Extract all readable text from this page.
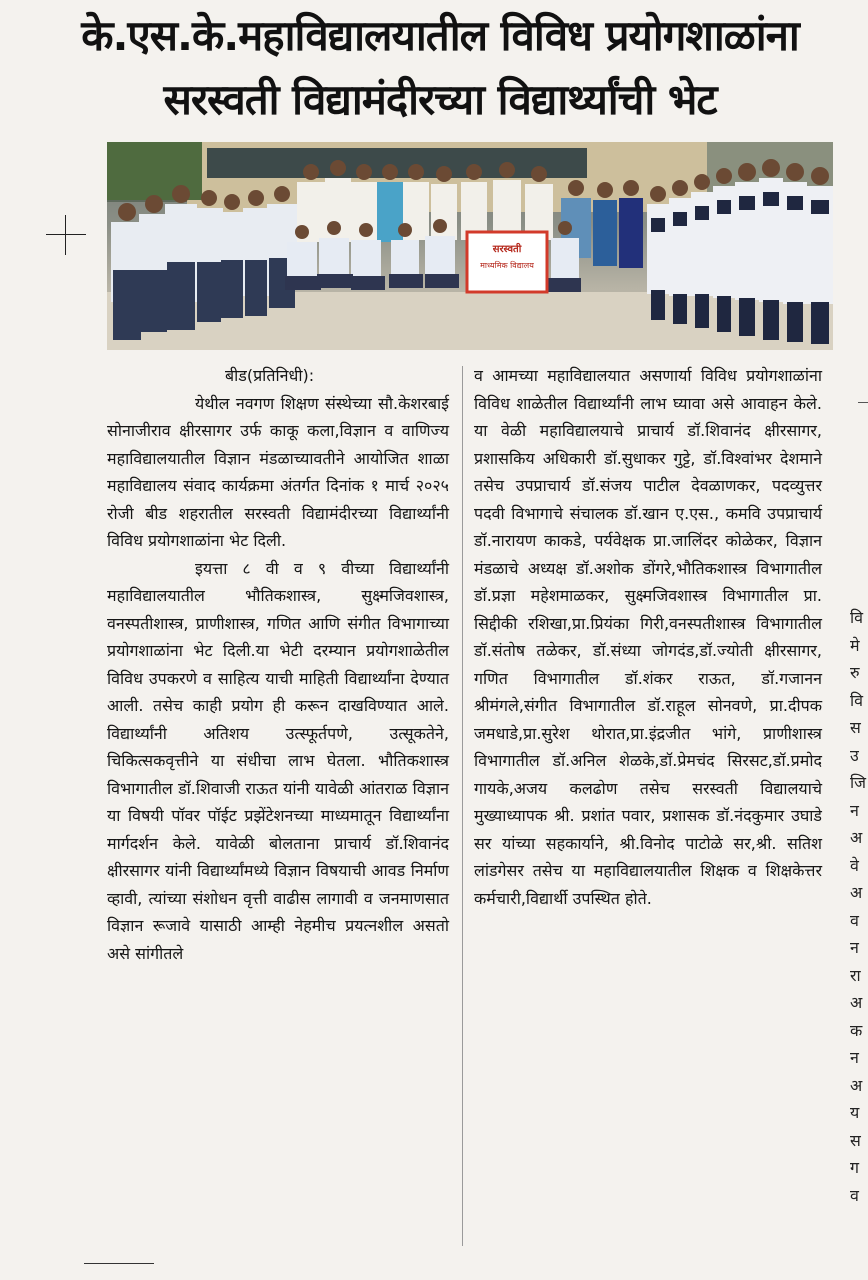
के.एस.के.महाविद्यालयातील विविध प्रयोगशाळांना
सरस्वती विद्यामंदीरच्या विद्यार्थ्यांची भेट
सरस्वती
माध्यमिक विद्यालय

बीड(प्रतिनिधी):

येथील नवगण शिक्षण संस्थेच्या सौ.केशरबाई सोनाजीराव क्षीरसागर उर्फ काकू कला,विज्ञान व वाणिज्य महाविद्यालयातील विज्ञान मंडळाच्यावतीने आयोजित शाळा महाविद्यालय संवाद कार्यक्रमा अंतर्गत दिनांक १ मार्च २०२५ रोजी बीड शहरातील सरस्वती विद्यामंदीरच्या विद्यार्थ्यांनी विविध प्रयोगशाळांना भेट दिली.

इयत्ता ८ वी व ९ वीच्या विद्यार्थ्यांनी महाविद्यालयातील भौतिकशास्त्र, सुक्ष्मजिवशास्त्र, वनस्पतीशास्त्र, प्राणीशास्त्र, गणित आणि संगीत विभागाच्या प्रयोगशाळांना भेट दिली.या भेटी दरम्यान प्रयोगशाळेतील विविध उपकरणे व साहित्य याची माहिती विद्यार्थ्यांना देण्यात आली. तसेच काही प्रयोग ही करून दाखविण्यात आले. विद्यार्थ्यांनी अतिशय उत्स्फूर्तपणे, उत्सूकतेने, चिकित्सकवृत्तीने या संधीचा लाभ घेतला. भौतिकशास्त्र विभागातील डॉ.शिवाजी राऊत यांनी यावेळी आंतराळ विज्ञान या विषयी पॉवर पॉईट प्रझेंटेशनच्या माध्यमातून विद्यार्थ्यांना मार्गदर्शन केले. यावेळी बोलताना प्राचार्य डॉ.शिवानंद क्षीरसागर यांनी विद्यार्थ्यांमध्ये विज्ञान विषयाची आवड निर्माण व्हावी, त्यांच्या संशोधन वृत्ती वाढीस लागावी व जनमाणसात विज्ञान रूजावे यासाठी आम्ही नेहमीच प्रयत्नशील असतो असे सांगीतले

व आमच्या महाविद्यालयात असणार्या विविध प्रयोगशाळांना विविध शाळेतील विद्यार्थ्यांनी लाभ घ्यावा असे आवाहन केले. या वेळी महाविद्यालयाचे प्राचार्य डॉ.शिवानंद क्षीरसागर, प्रशासकिय अधिकारी डॉ.सुधाकर गुट्टे, डॉ.विश्वांभर देशमाने तसेच उपप्राचार्य डॉ.संजय पाटील देवळाणकर, पदव्युत्तर पदवी विभागाचे संचालक डॉ.खान ए.एस., कमवि उपप्राचार्य डॉ.नारायण काकडे, पर्यवेक्षक प्रा.जालिंदर कोळेकर, विज्ञान मंडळाचे अध्यक्ष डॉ.अशोक डोंगरे,भौतिकशास्त्र विभागातील डॉ.प्रज्ञा महेशमाळकर, सुक्ष्मजिवशास्त्र विभागातील प्रा. सिद्दीकी रशिखा,प्रा.प्रियंका गिरी,वनस्पतीशास्त्र विभागातील डॉ.संतोष तळेकर, डॉ.संध्या जोगदंड,डॉ.ज्योती क्षीरसागर, गणित विभागातील डॉ.शंकर राऊत, डॉ.गजानन श्रीमंगले,संगीत विभागातील डॉ.राहूल सोनवणे, प्रा.दीपक जमधाडे,प्रा.सुरेश थोरात,प्रा.इंद्रजीत भांगे, प्राणीशास्त्र विभागातील डॉ.अनिल शेळके,डॉ.प्रेमचंद सिरसट,डॉ.प्रमोद गायके,अजय कलढोण तसेच सरस्वती विद्यालयाचे मुख्याध्यापक श्री. प्रशांत पवार, प्रशासक डॉ.नंदकुमार उघाडे सर यांच्या सहकार्याने, श्री.विनोद पाटोळे सर,श्री. सतिश लांडगेसर तसेच या महाविद्यालयातील शिक्षक व शिक्षकेत्तर कर्मचारी,विद्यार्थी उपस्थित होते.

वि मे रु वि स उ जि न अ वे अ व न रा अ क न अ य स ग व
